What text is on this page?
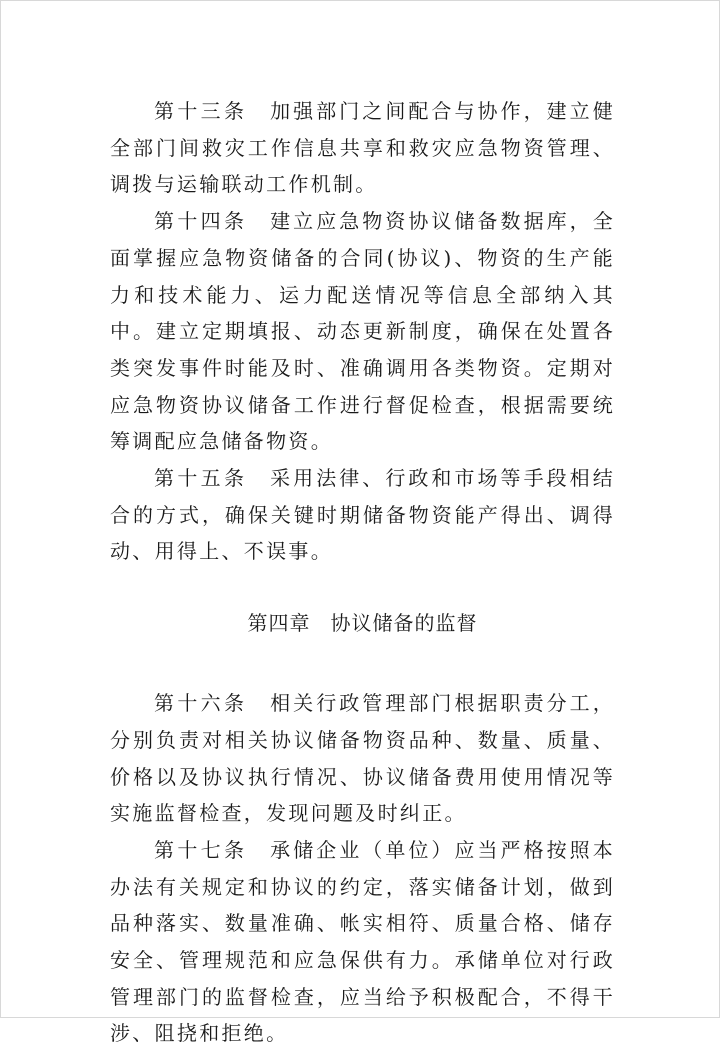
第十三条 加强部门之间配合与协作，建立健全部门间救灾工作信息共享和救灾应急物资管理、调拨与运输联动工作机制。

第十四条 建立应急物资协议储备数据库，全面掌握应急物资储备的合同(协议)、物资的生产能力和技术能力、运力配送情况等信息全部纳入其中。建立定期填报、动态更新制度，确保在处置各类突发事件时能及时、准确调用各类物资。定期对应急物资协议储备工作进行督促检查，根据需要统筹调配应急储备物资。

第十五条 采用法律、行政和市场等手段相结合的方式，确保关键时期储备物资能产得出、调得动、用得上、不误事。

第四章 协议储备的监督

第十六条 相关行政管理部门根据职责分工，分别负责对相关协议储备物资品种、数量、质量、价格以及协议执行情况、协议储备费用使用情况等实施监督检查，发现问题及时纠正。

第十七条 承储企业（单位）应当严格按照本办法有关规定和协议的约定，落实储备计划，做到品种落实、数量准确、帐实相符、质量合格、储存安全、管理规范和应急保供有力。承储单位对行政管理部门的监督检查，应当给予积极配合，不得干涉、阻挠和拒绝。
